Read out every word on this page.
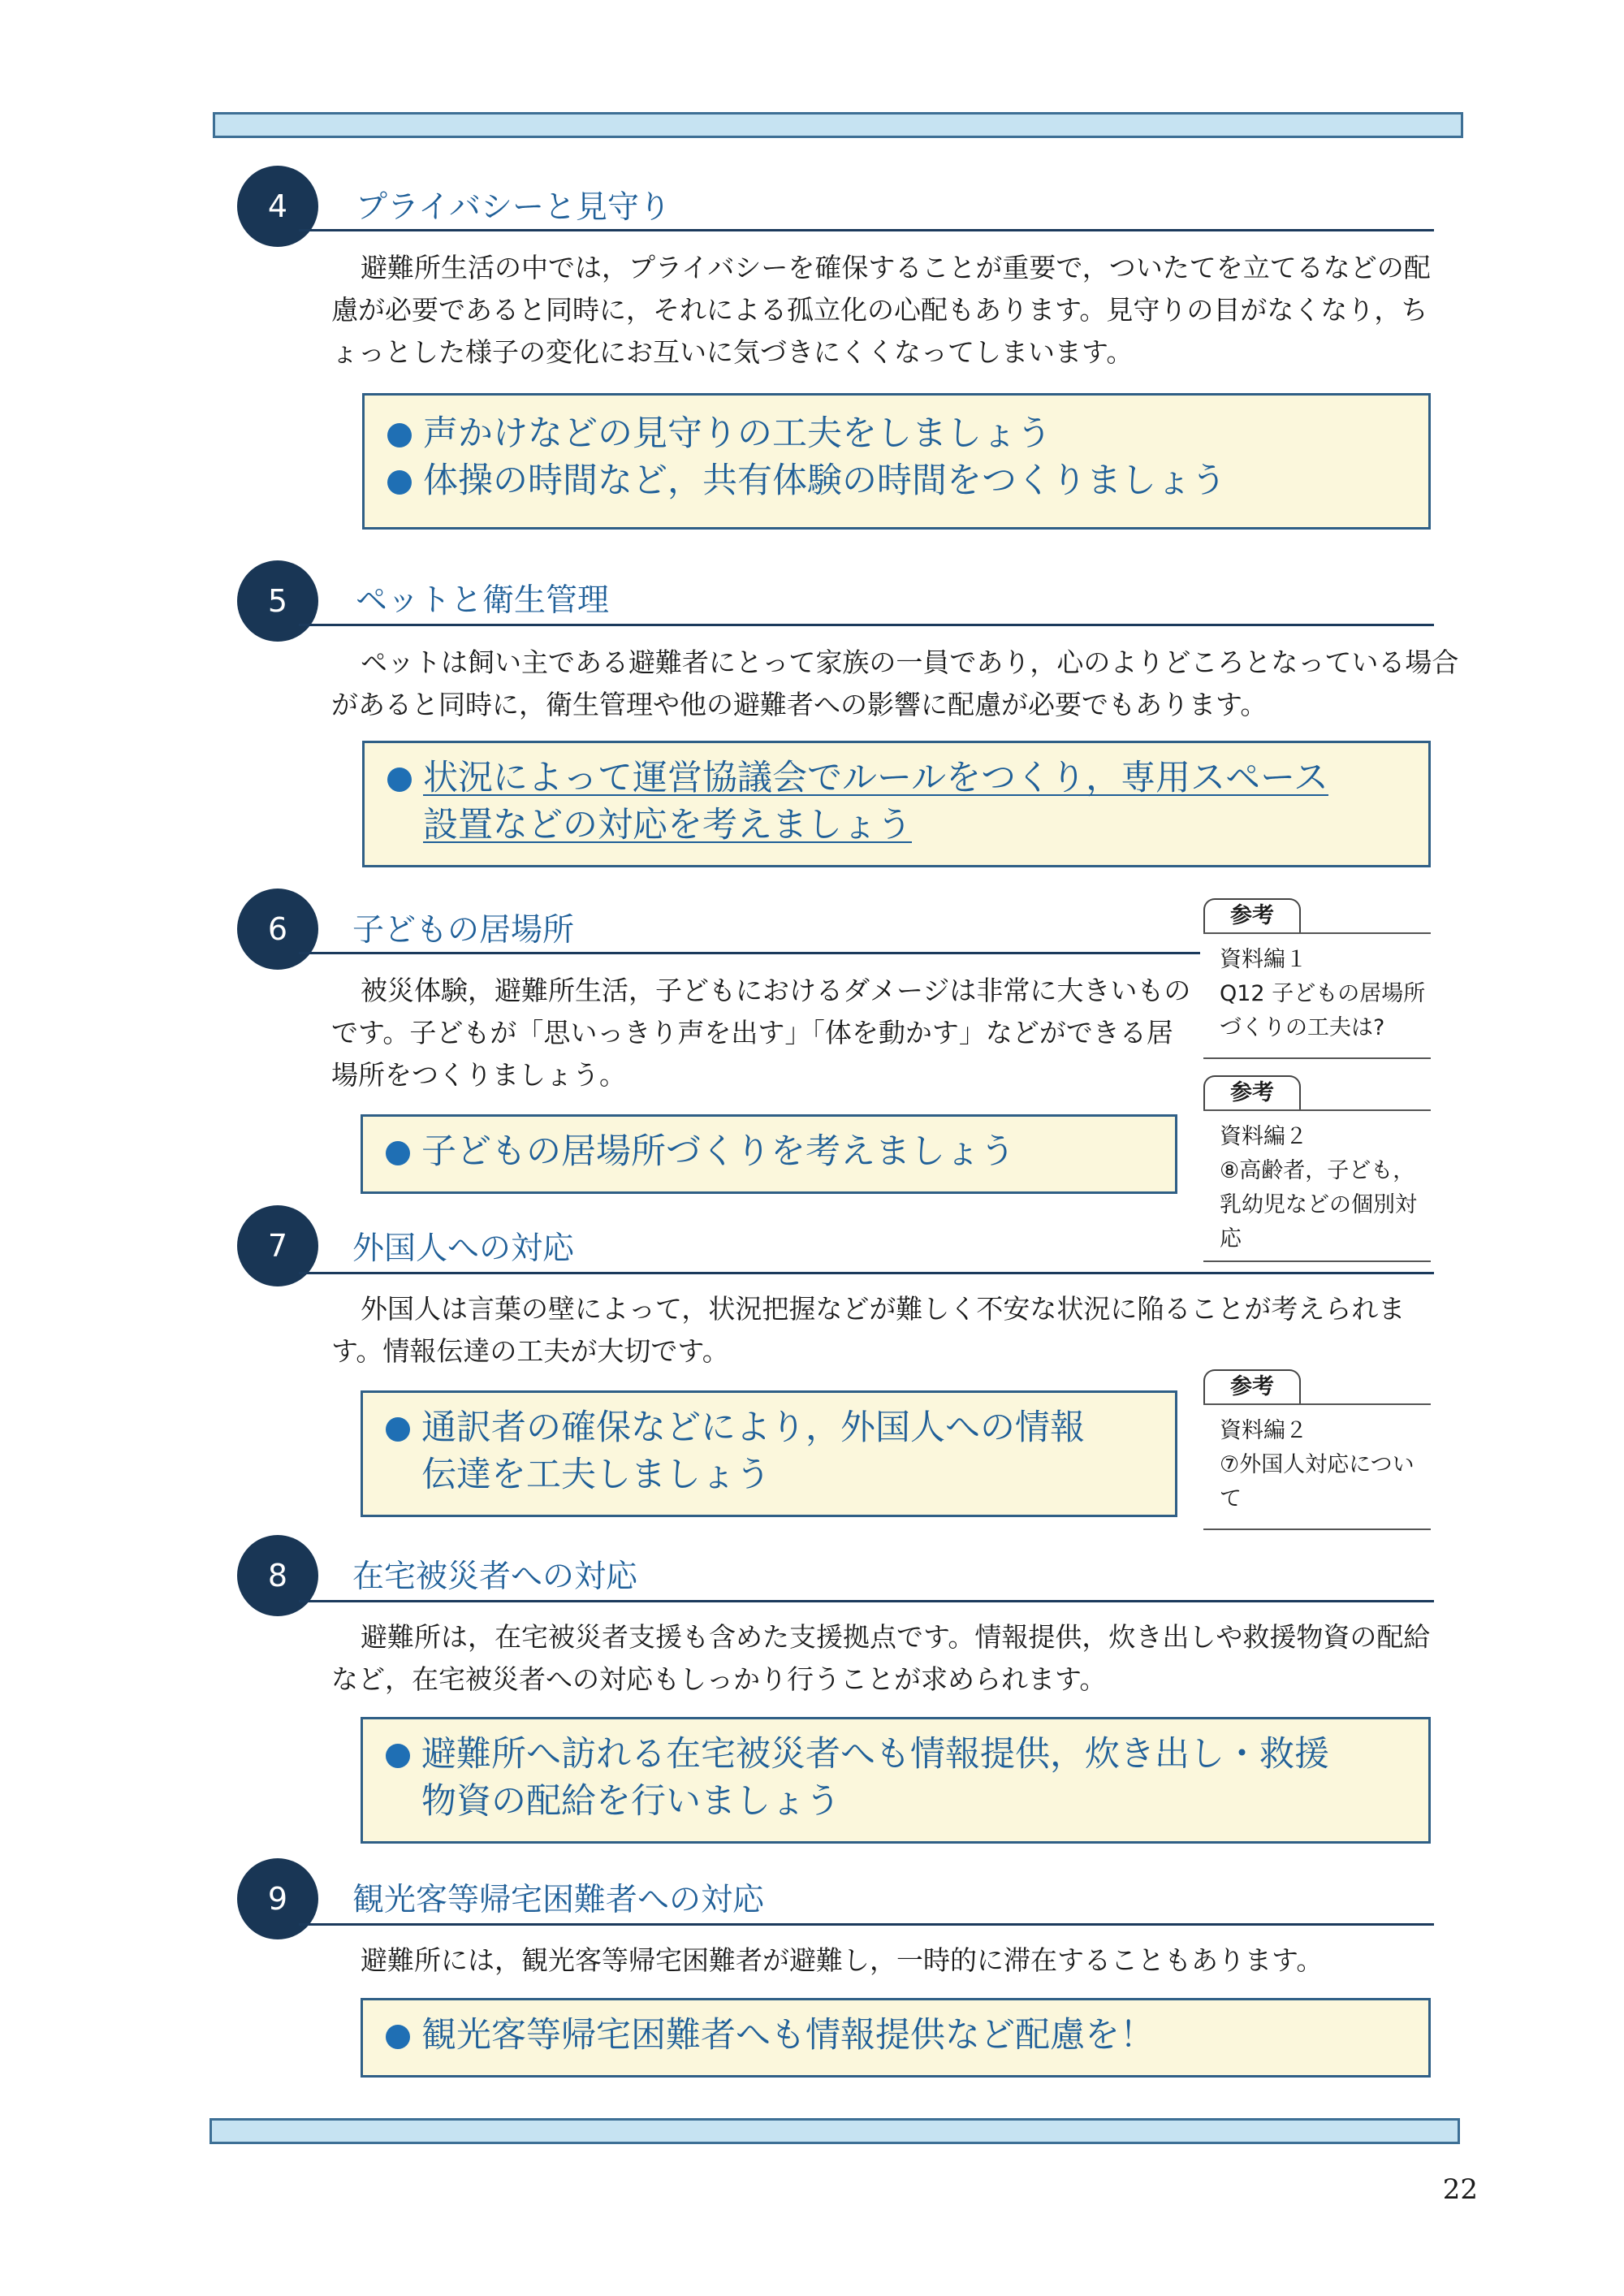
4	プライバシーと見守り
避難所生活の中では，プライバシーを確保することが重要で，ついたてを立てるなどの配慮が必要であると同時に，それによる孤立化の心配もあります。見守りの目がなくなり，ちょっとした様子の変化にお互いに気づきにくくなってしまいます。
声かけなどの見守りの工夫をしましょう
体操の時間など，共有体験の時間をつくりましょう
5	ペットと衛生管理
ペットは飼い主である避難者にとって家族の一員であり，心のよりどころとなっている場合があると同時に，衛生管理や他の避難者への影響に配慮が必要でもあります。
状況によって運営協議会でルールをつくり，専用スペース
設置などの対応を考えましょう
6	子どもの居場所
被災体験，避難所生活，子どもにおけるダメージは非常に大きいものです。子どもが「思いっきり声を出す」「体を動かす」などができる居場所をつくりましょう。
子どもの居場所づくりを考えましょう
7	外国人への対応
外国人は言葉の壁によって，状況把握などが難しく不安な状況に陥ることが考えられます。情報伝達の工夫が大切です。
通訳者の確保などにより，外国人への情報
伝達を工夫しましょう
8	在宅被災者への対応
避難所は，在宅被災者支援も含めた支援拠点です。情報提供，炊き出しや救援物資の配給など，在宅被災者への対応もしっかり行うことが求められます。
避難所へ訪れる在宅被災者へも情報提供，炊き出し・救援
物資の配給を行いましょう
9	観光客等帰宅困難者への対応
避難所には，観光客等帰宅困難者が避難し，一時的に滞在することもあります。
観光客等帰宅困難者へも情報提供など配慮を！
参考
資料編１
Q12 子どもの居場所づくりの工夫は?
参考
資料編２
⑧高齢者，子ども，乳幼児などの個別対応
参考
資料編２
⑦外国人対応について
22
